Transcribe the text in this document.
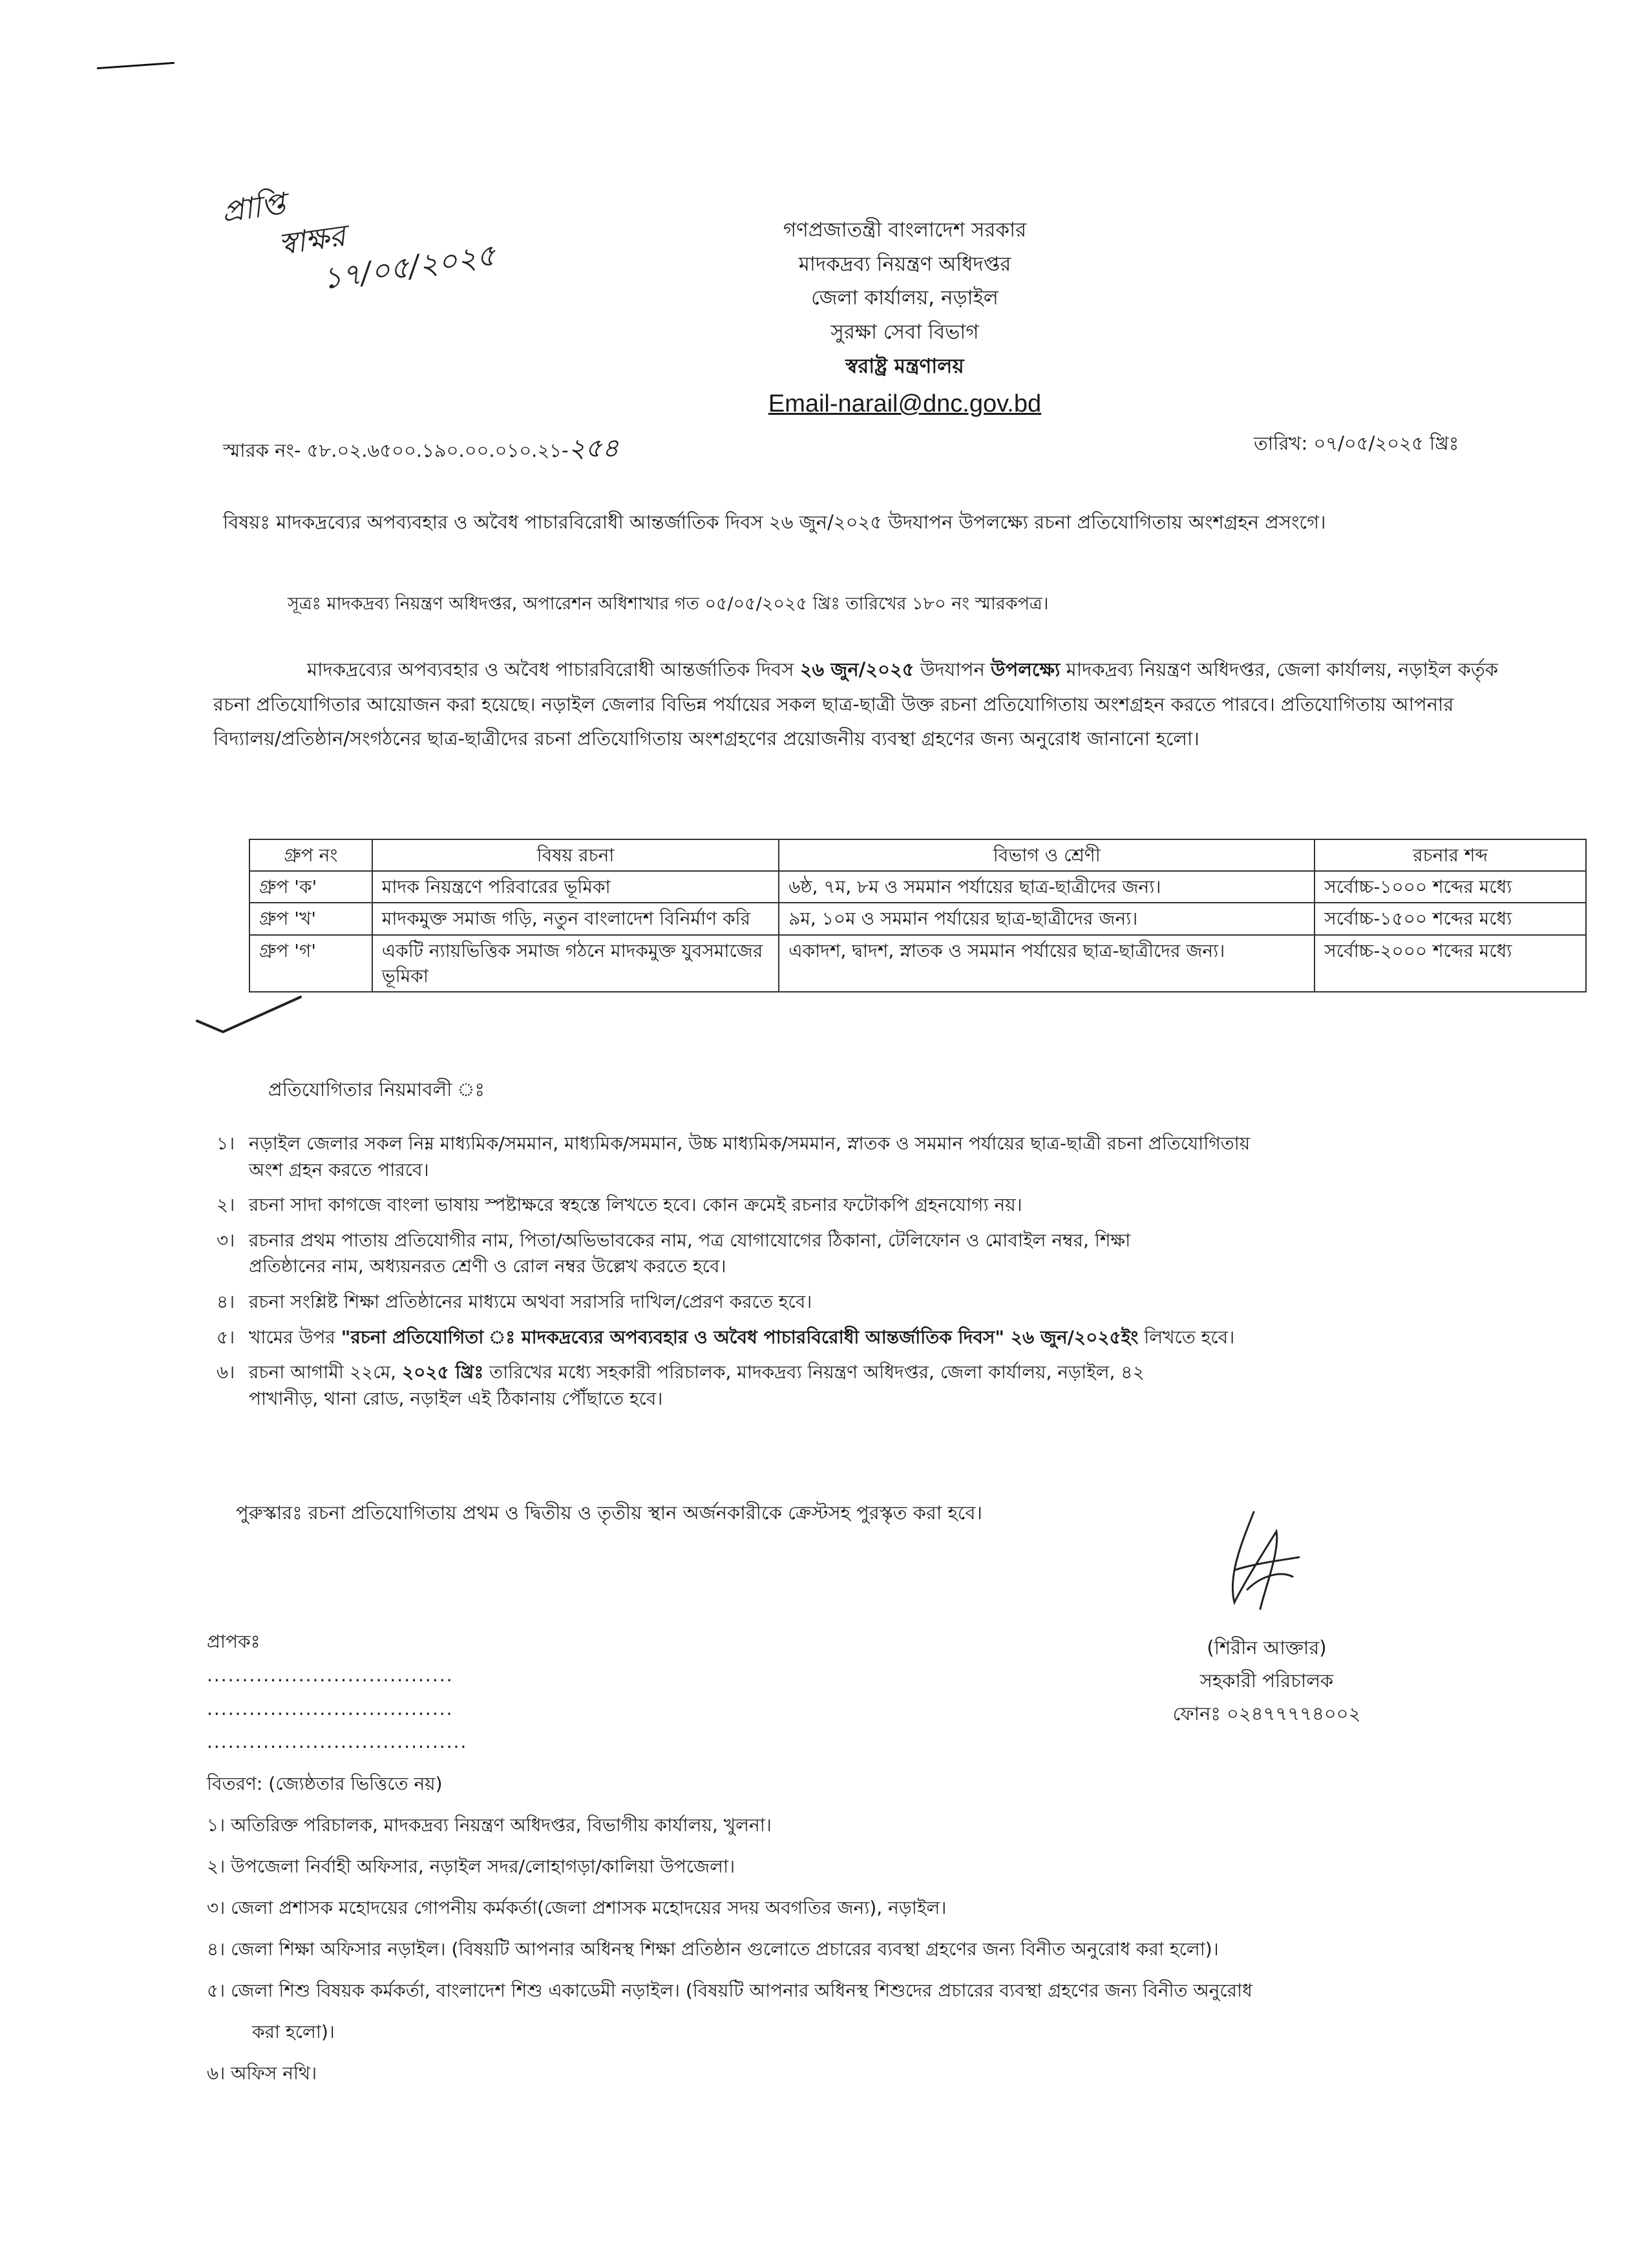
প্রাপ্তি
স্বাক্ষর
১৭/০৫/২০২৫
গণপ্রজাতন্ত্রী বাংলাদেশ সরকার
মাদকদ্রব্য নিয়ন্ত্রণ অধিদপ্তর
জেলা কার্যালয়, নড়াইল
সুরক্ষা সেবা বিভাগ
স্বরাষ্ট্র মন্ত্রণালয়
Email-narail@dnc.gov.bd
স্মারক নং- ৫৮.০২.৬৫০০.১৯০.০০.০১০.২১-২৫৪	তারিখ: ০৭/০৫/২০২৫ খ্রিঃ
বিষয়ঃ মাদকদ্রব্যের অপব্যবহার ও অবৈধ পাচারবিরোধী আন্তর্জাতিক দিবস ২৬ জুন/২০২৫ উদযাপন উপলক্ষ্যে রচনা প্রতিযোগিতায় অংশগ্রহন প্রসংগে।
সূত্রঃ মাদকদ্রব্য নিয়ন্ত্রণ অধিদপ্তর, অপারেশন অধিশাখার গত ০৫/০৫/২০২৫ খ্রিঃ তারিখের ১৮০ নং স্মারকপত্র।

মাদকদ্রব্যের অপব্যবহার ও অবৈধ পাচারবিরোধী আন্তর্জাতিক দিবস ২৬ জুন/২০২৫ উদযাপন উপলক্ষ্যে মাদকদ্রব্য নিয়ন্ত্রণ অধিদপ্তর, জেলা কার্যালয়, নড়াইল কর্তৃক রচনা প্রতিযোগিতার আয়োজন করা হয়েছে। নড়াইল জেলার বিভিন্ন পর্যায়ের সকল ছাত্র-ছাত্রী উক্ত রচনা প্রতিযোগিতায় অংশগ্রহন করতে পারবে। প্রতিযোগিতায় আপনার বিদ্যালয়/প্রতিষ্ঠান/সংগঠনের ছাত্র-ছাত্রীদের রচনা প্রতিযোগিতায় অংশগ্রহণের প্রয়োজনীয় ব্যবস্থা গ্রহণের জন্য অনুরোধ জানানো হলো।

গ্রুপ নং	বিষয় রচনা	বিভাগ ও শ্রেণী	রচনার শব্দ
গ্রুপ 'ক'	মাদক নিয়ন্ত্রণে পরিবারের ভূমিকা	৬ষ্ঠ, ৭ম, ৮ম ও সমমান পর্যায়ের ছাত্র-ছাত্রীদের জন্য।	সর্বোচ্চ-১০০০ শব্দের মধ্যে
গ্রুপ 'খ'	মাদকমুক্ত সমাজ গড়ি, নতুন বাংলাদেশ বিনির্মাণ করি	৯ম, ১০ম ও সমমান পর্যায়ের ছাত্র-ছাত্রীদের জন্য।	সর্বোচ্চ-১৫০০ শব্দের মধ্যে
গ্রুপ 'গ'	একটি ন্যায়ভিত্তিক সমাজ গঠনে মাদকমুক্ত যুবসমাজের ভূমিকা	একাদশ, দ্বাদশ, স্নাতক ও সমমান পর্যায়ের ছাত্র-ছাত্রীদের জন্য।	সর্বোচ্চ-২০০০ শব্দের মধ্যে
প্রতিযোগিতার নিয়মাবলী ঃ
১। নড়াইল জেলার সকল নিম্ন মাধ্যমিক/সমমান, মাধ্যমিক/সমমান, উচ্চ মাধ্যমিক/সমমান, স্নাতক ও সমমান পর্যায়ের ছাত্র-ছাত্রী রচনা প্রতিযোগিতায়
অংশ গ্রহন করতে পারবে।
২। রচনা সাদা কাগজে বাংলা ভাষায় স্পষ্টাক্ষরে স্বহস্তে লিখতে হবে। কোন ক্রমেই রচনার ফটোকপি গ্রহনযোগ্য নয়।
৩। রচনার প্রথম পাতায় প্রতিযোগীর নাম, পিতা/অভিভাবকের নাম, পত্র যোগাযোগের ঠিকানা, টেলিফোন ও মোবাইল নম্বর, শিক্ষা
প্রতিষ্ঠানের নাম, অধ্যয়নরত শ্রেণী ও রোল নম্বর উল্লেখ করতে হবে।
৪। রচনা সংশ্লিষ্ট শিক্ষা প্রতিষ্ঠানের মাধ্যমে অথবা সরাসরি দাখিল/প্রেরণ করতে হবে।
৫। খামের উপর "রচনা প্রতিযোগিতা ঃ মাদকদ্রব্যের অপব্যবহার ও অবৈধ পাচারবিরোধী আন্তর্জাতিক দিবস" ২৬ জুন/২০২৫ইং লিখতে হবে।
৬। রচনা আগামী ২২মে, ২০২৫ খ্রিঃ তারিখের মধ্যে সহকারী পরিচালক, মাদকদ্রব্য নিয়ন্ত্রণ অধিদপ্তর, জেলা কার্যালয়, নড়াইল, ৪২
পাখানীড়, থানা রোড, নড়াইল এই ঠিকানায় পৌঁছাতে হবে।
পুরুস্কারঃ রচনা প্রতিযোগিতায় প্রথম ও দ্বিতীয় ও তৃতীয় স্থান অর্জনকারীকে ক্রেস্টসহ পুরস্কৃত করা হবে।
(শিরীন আক্তার)
সহকারী পরিচালক
ফোনঃ ০২৪৭৭৭৭৪০০২
প্রাপকঃ
...................................
...................................
.....................................
বিতরণ: (জ্যেষ্ঠতার ভিত্তিতে নয়)
১। অতিরিক্ত পরিচালক, মাদকদ্রব্য নিয়ন্ত্রণ অধিদপ্তর, বিভাগীয় কার্যালয়, খুলনা।
২। উপজেলা নির্বাহী অফিসার, নড়াইল সদর/লোহাগড়া/কালিয়া উপজেলা।
৩। জেলা প্রশাসক মহোদয়ের গোপনীয় কর্মকর্তা(জেলা প্রশাসক মহোদয়ের সদয় অবগতির জন্য), নড়াইল।
৪। জেলা শিক্ষা অফিসার নড়াইল। (বিষয়টি আপনার অধিনস্থ শিক্ষা প্রতিষ্ঠান গুলোতে প্রচারের ব্যবস্থা গ্রহণের জন্য বিনীত অনুরোধ করা হলো)।
৫। জেলা শিশু বিষয়ক কর্মকর্তা, বাংলাদেশ শিশু একাডেমী নড়াইল। (বিষয়টি আপনার অধিনস্থ শিশুদের প্রচারের ব্যবস্থা গ্রহণের জন্য বিনীত অনুরোধ
করা হলো)।
৬। অফিস নথি।
